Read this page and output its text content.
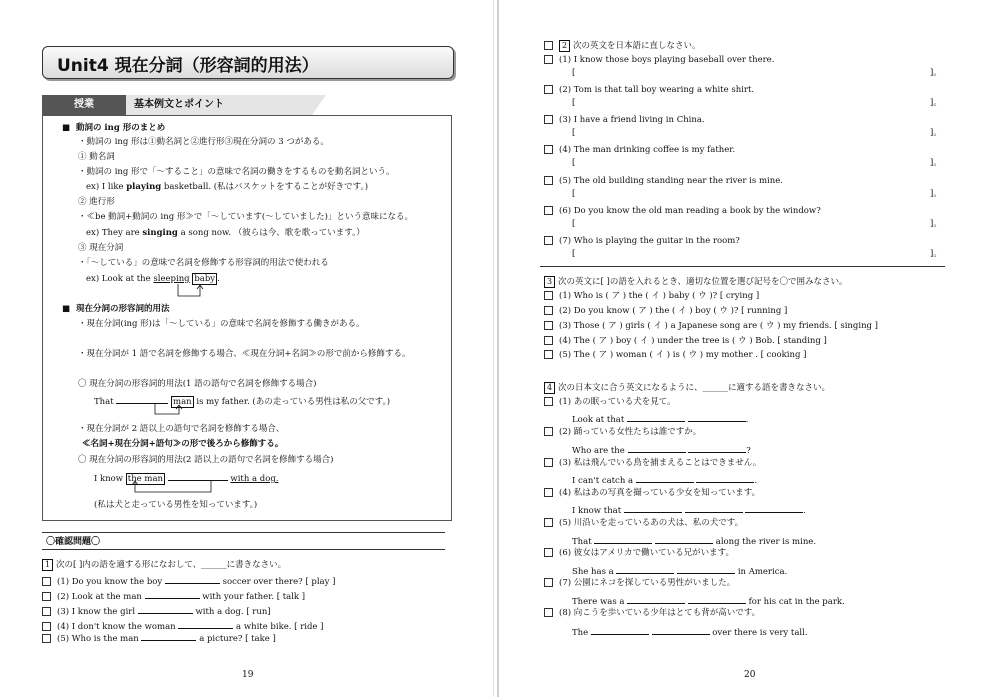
Unit4 現在分詞（形容詞的用法）
授業	基本例文とポイント
■  動詞の ing 形のまとめ
・動詞の ing 形は①動名詞と②進行形③現在分詞の 3 つがある。
① 動名詞
・動詞の ing 形で「～すること」の意味で名詞の働きをするものを動名詞という。
ex) I like playing basketball. (私はバスケットをすることが好きです。)
② 進行形
・≪be 動詞+動詞の ing 形≫で「～しています(～していました)」という意味になる。
ex) They are singing a song now. （彼らは今、歌を歌っています。）
③ 現在分詞
・「～している」の意味で名詞を修飾する形容詞的用法で使われる
ex) Look at the sleeping baby .
■  現在分詞の形容詞的用法
・現在分詞(ing 形)は「～している」の意味で名詞を修飾する働きがある。
・現在分詞が 1 語で名詞を修飾する場合、≪現在分詞+名詞≫の形で前から修飾する。
〇 現在分詞の形容詞的用法(1 語の語句で名詞を修飾する場合)
That	man is my father. (あの走っている男性は私の父です。)
・現在分詞が 2 語以上の語句で名詞を修飾する場合、
≪名詞+現在分詞+語句≫の形で後ろから修飾する。
〇 現在分詞の形容詞的用法(2 語以上の語句で名詞を修飾する場合)
I know the man	with a dog.
(私は犬と走っている男性を知っています。)
〇確認問題〇
1 次の[ ]内の語を適する形になおして、______に書きなさい。
(1) Do you know the boy	soccer over there? [ play ]
(2) Look at the man	with your father. [ talk ]
(3) I know the girl	with a dog. [ run]
(4) I don't know the woman	a white bike. [ ride ]
(5) Who is the man	a picture? [ take ]
19
2 次の英文を日本語に直しなさい。
(1) I know those boys playing baseball over there.
[	]。
(2) Tom is that tall boy wearing a white shirt.
[	]。
(3) I have a friend living in China.
[	]。
(4) The man drinking coffee is my father.
[	]。
(5) The old building standing near the river is mine.
[	]。
(6) Do you know the old man reading a book by the window?
[	]。
(7) Who is playing the guitar in the room?
[	]。
3 次の英文に[ ]の語を入れるとき、適切な位置を選び記号を〇で囲みなさい。
(1) Who is ( ア ) the ( イ ) baby ( ウ )? [ crying ]
(2) Do you know ( ア ) the ( イ ) boy ( ウ )? [ running ]
(3) Those ( ア ) girls ( イ ) a Japanese song are ( ウ ) my friends. [ singing ]
(4) The ( ア ) boy ( イ ) under the tree is ( ウ ) Bob. [ standing ]
(5) The ( ア ) woman ( イ ) is ( ウ ) my mother . [ cooking ]
4 次の日本文に合う英文になるように、______に適する語を書きなさい。
(1) あの眠っている犬を見て。
Look at that	.
(2) 踊っている女性たちは誰ですか。
Who are the	?
(3) 私は飛んでいる鳥を捕まえることはできません。
I can't catch a	.
(4) 私はあの写真を撮っている少女を知っています。
I know that	.
(5) 川沿いを走っているあの犬は、私の犬です。
That	along the river is mine.
(6) 彼女はアメリカで働いている兄がいます。
She has a	in America.
(7) 公園にネコを探している男性がいました。
There was a	for his cat in the park.
(8) 向こうを歩いている少年はとても背が高いです。
The	over there is very tall.
20
